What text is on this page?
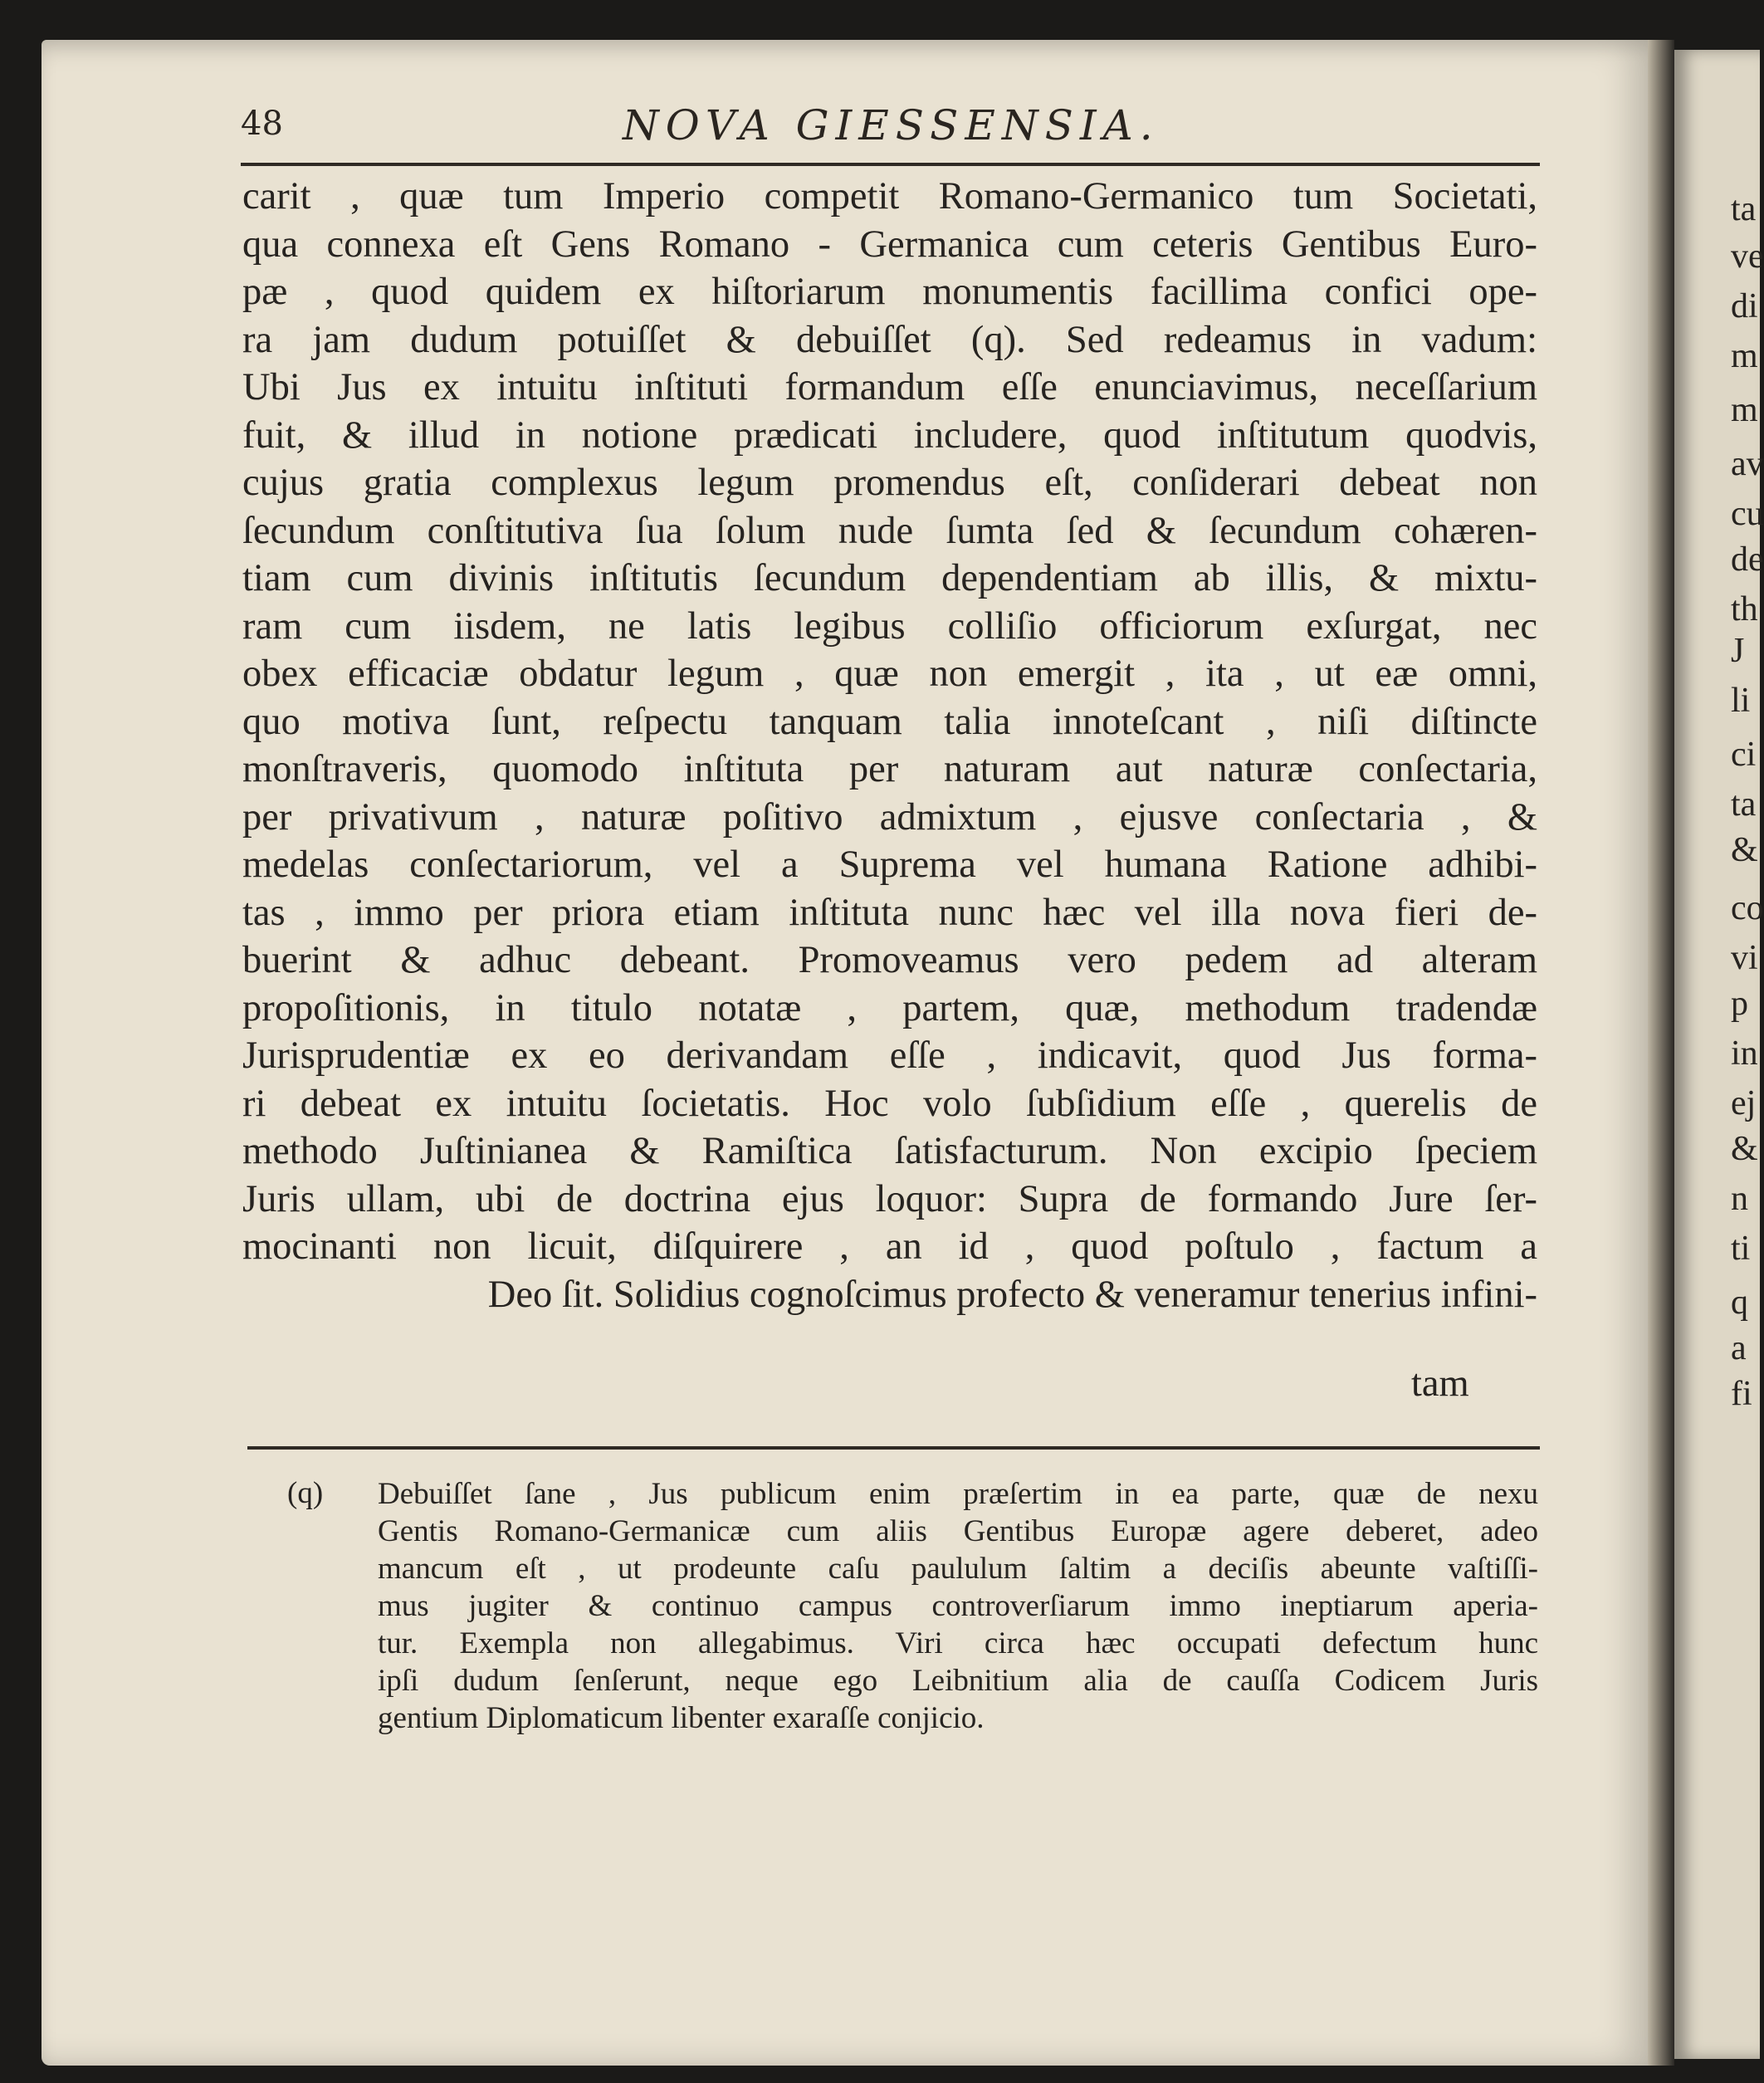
48	NOVA GIESSENSIA.
carit , quæ tum Imperio competit Romano-Germanico tum Societati,
qua connexa eſt Gens Romano - Germanica cum ceteris Gentibus Euro-
pæ , quod quidem ex hiſtoriarum monumentis facillima confici ope-
ra jam dudum potuiſſet & debuiſſet (q). Sed redeamus in vadum:
Ubi Jus ex intuitu inſtituti formandum eſſe enunciavimus, neceſſarium
fuit, & illud in notione prædicati includere, quod inſtitutum quodvis,
cujus gratia complexus legum promendus eſt, conſiderari debeat non
ſecundum conſtitutiva ſua ſolum nude ſumta ſed & ſecundum cohæren-
tiam cum divinis inſtitutis ſecundum dependentiam ab illis, & mixtu-
ram cum iisdem, ne latis legibus colliſio officiorum exſurgat, nec
obex efficaciæ obdatur legum , quæ non emergit , ita , ut eæ omni,
quo motiva ſunt, reſpectu tanquam talia innoteſcant , niſi diſtincte
monſtraveris, quomodo inſtituta per naturam aut naturæ conſectaria,
per privativum , naturæ poſitivo admixtum , ejusve conſectaria , &
medelas conſectariorum, vel a Suprema vel humana Ratione adhibi-
tas , immo per priora etiam inſtituta nunc hæc vel illa nova fieri de-
buerint & adhuc debeant. Promoveamus vero pedem ad alteram
propoſitionis, in titulo notatæ , partem, quæ, methodum tradendæ
Jurisprudentiæ ex eo derivandam eſſe , indicavit, quod Jus forma-
ri debeat ex intuitu ſocietatis. Hoc volo ſubſidium eſſe , querelis de
methodo Juſtinianea & Ramiſtica ſatisfacturum. Non excipio ſpeciem
Juris ullam, ubi de doctrina ejus loquor: Supra de formando Jure ſer-
mocinanti non licuit, diſquirere , an id , quod poſtulo , factum a
Deo ſit. Solidius cognoſcimus profecto & veneramur tenerius infini-
tam
(q) Debuiſſet ſane , Jus publicum enim præſertim in ea parte, quæ de nexu
Gentis Romano-Germanicæ cum aliis Gentibus Europæ agere deberet, adeo
mancum eſt , ut prodeunte caſu paululum ſaltim a deciſis abeunte vaſtiſſi-
mus jugiter & continuo campus controverſiarum immo ineptiarum aperia-
tur. Exempla non allegabimus. Viri circa hæc occupati defectum hunc
ipſi dudum ſenſerunt, neque ego Leibnitium alia de cauſſa Codicem Juris
gentium Diplomaticum libenter exaraſſe conjicio.
ta
ve
di
m
m
av
cu
de
th
J
li
ci
ta
&
co
vi
p
in
ej
&
n
ti
q
a
fi
